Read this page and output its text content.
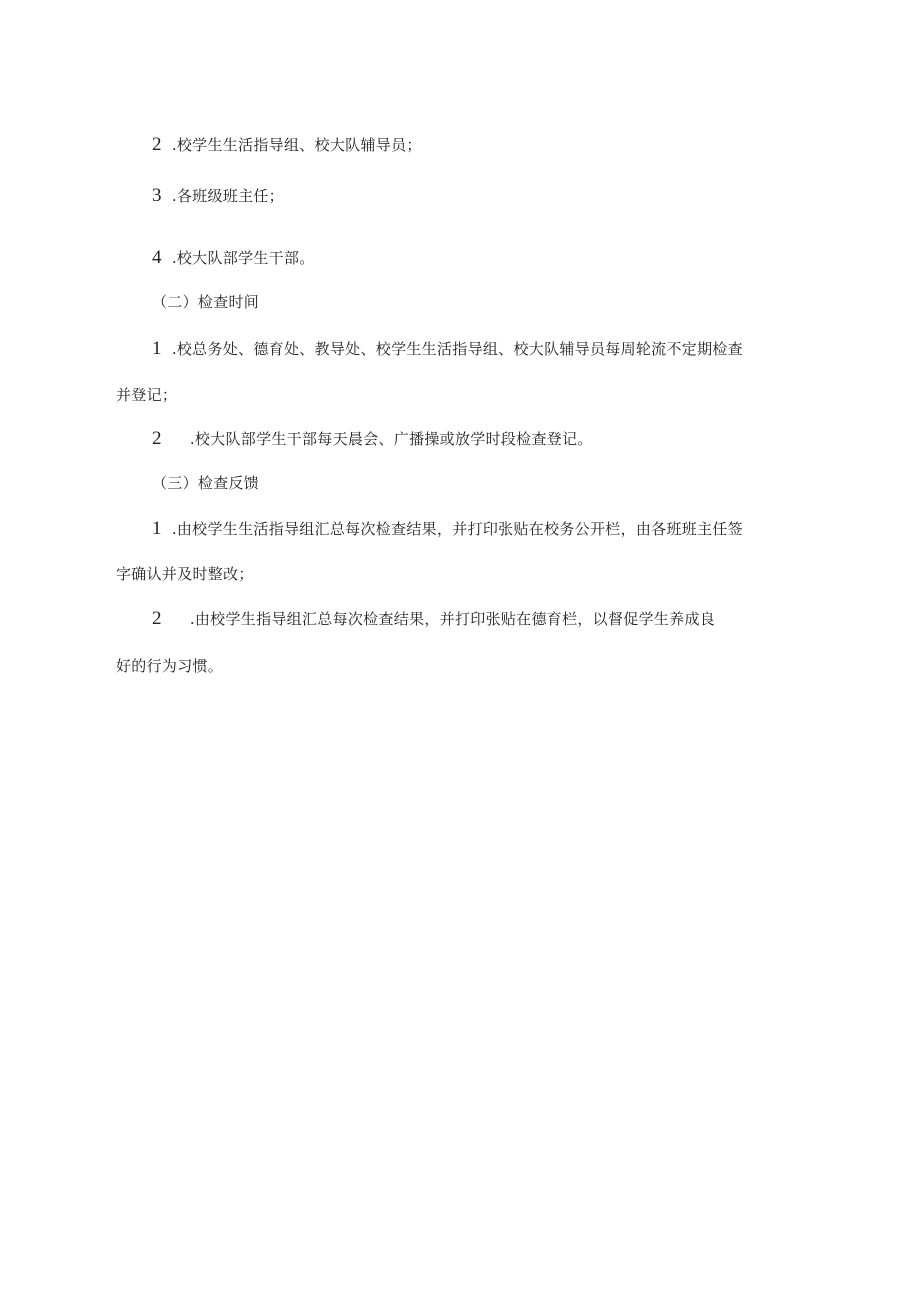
2 .校学生生活指导组、校大队辅导员；
3 .各班级班主任；
4 .校大队部学生干部。
（二）检查时间
1 .校总务处、德育处、教导处、校学生生活指导组、校大队辅导员每周轮流不定期检查
并登记；
2 .校大队部学生干部每天晨会、广播操或放学时段检查登记。
（三）检查反馈
1 .由校学生生活指导组汇总每次检查结果，并打印张贴在校务公开栏，由各班班主任签
字确认并及时整改；
2 .由校学生指导组汇总每次检查结果，并打印张贴在德育栏，以督促学生养成良
好的行为习惯。
